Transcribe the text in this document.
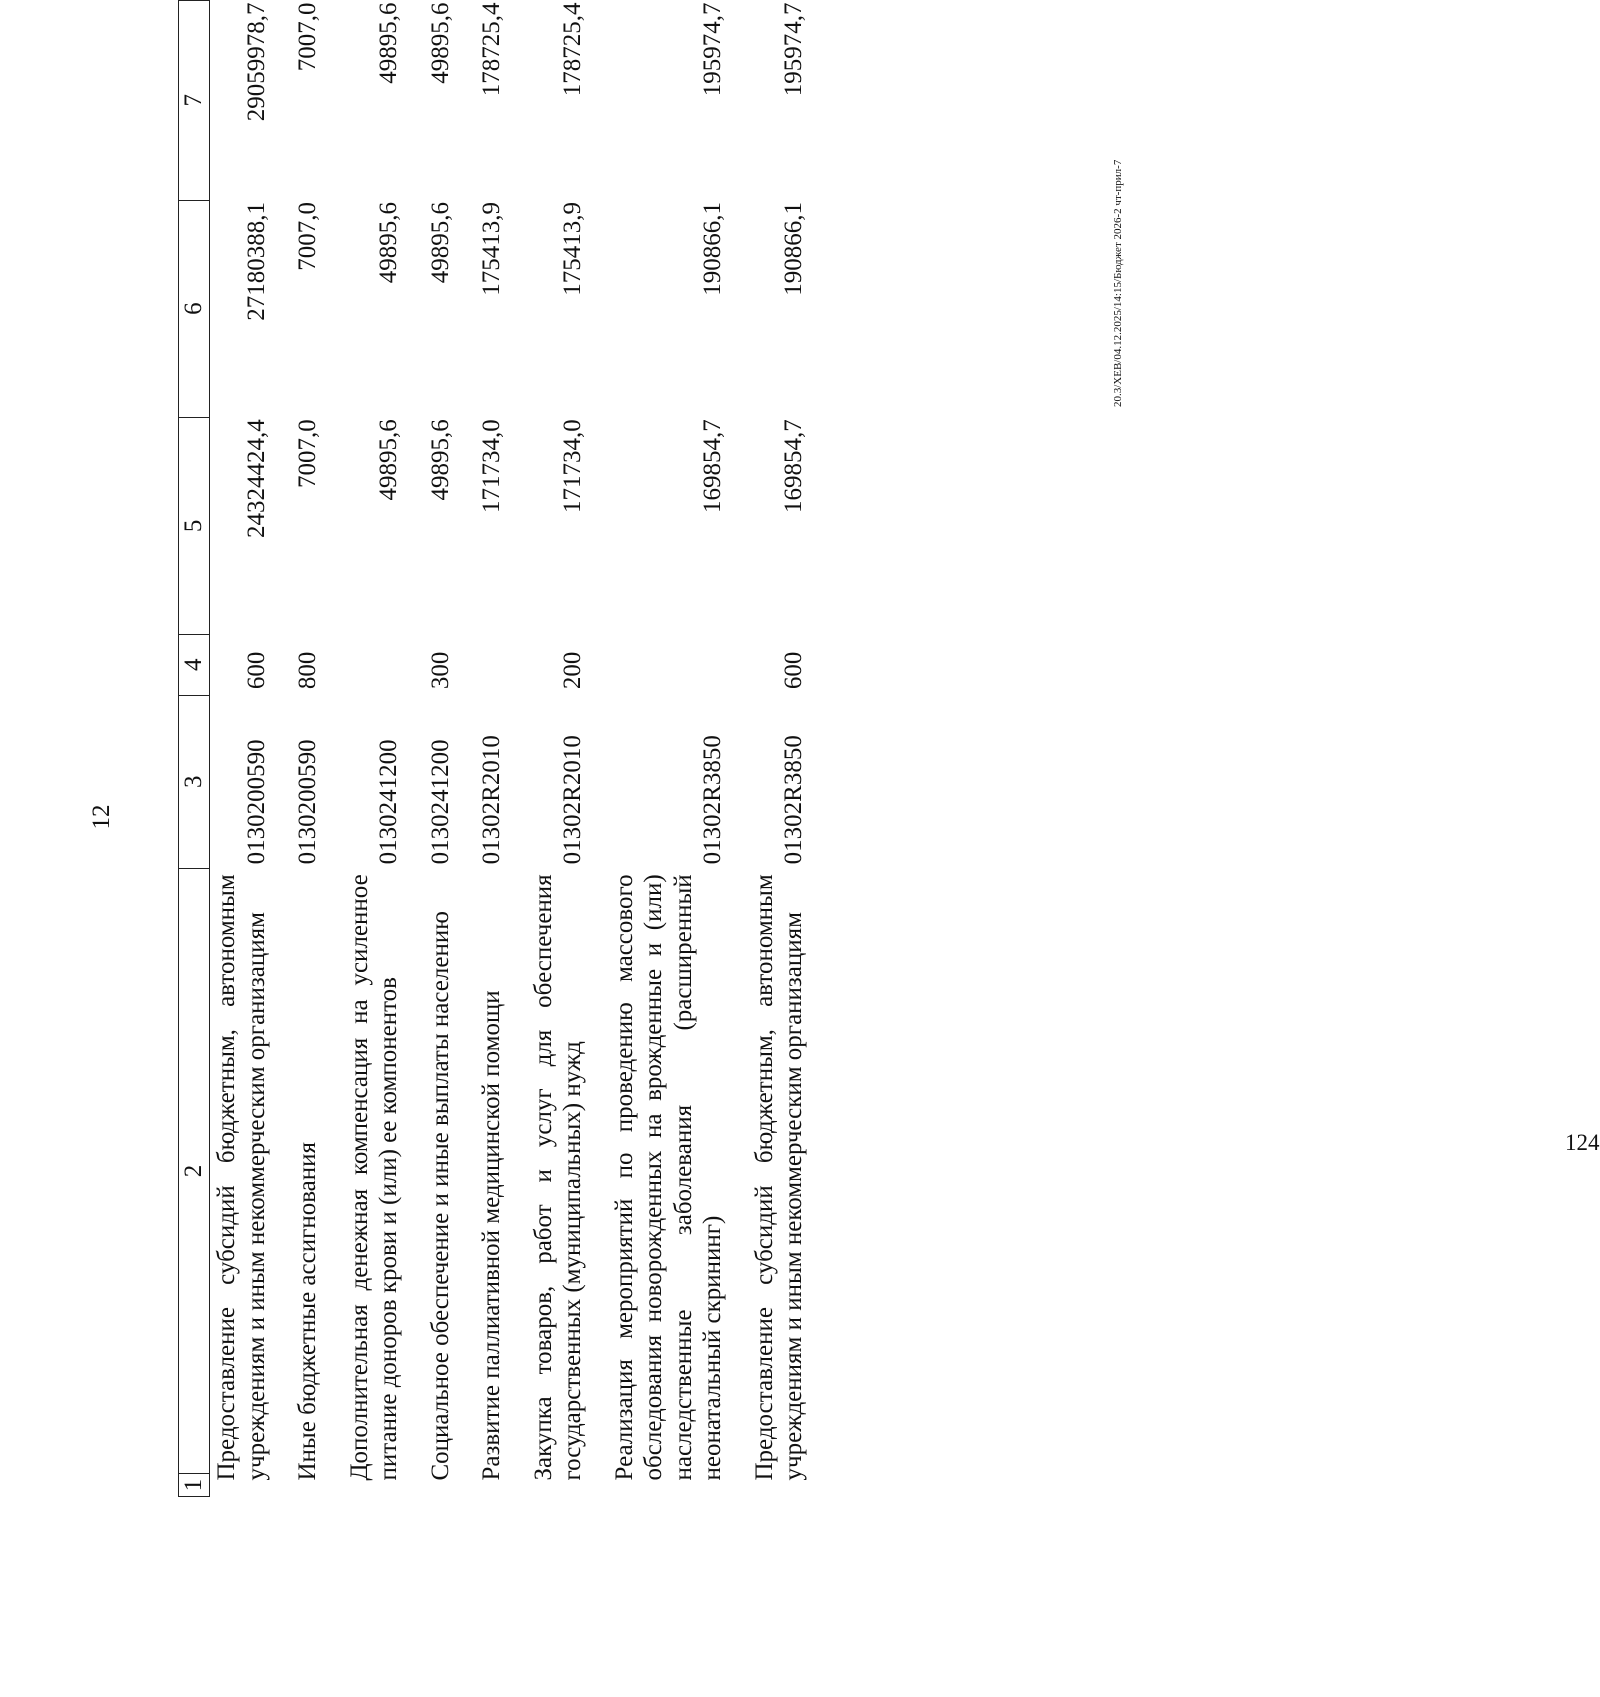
12
1	2	3	4	5	6	7
Предоставление субсидий бюджетным, автономным учреждениям и иным некоммерческим организациям		0130200590	600	24324424,4	27180388,1	29059978,7
Иные бюджетные ассигнования		0130200590	800	7007,0	7007,0	7007,0
Дополнительная денежная компенсация на усиленное питание доноров крови и (или) ее компонентов		0130241200		49895,6	49895,6	49895,6
Социальное обеспечение и иные выплаты населению		0130241200	300	49895,6	49895,6	49895,6
Развитие паллиативной медицинской помощи		01302R2010		171734,0	175413,9	178725,4
Закупка товаров, работ и услуг для обеспечения государственных (муниципальных) нужд		01302R2010	200	171734,0	175413,9	178725,4
Реализация мероприятий по проведению массового обследования новорожденных на врожденные и (или) наследственные заболевания (расширенный неонатальный скрининг)		01302R3850		169854,7	190866,1	195974,7
Предоставление субсидий бюджетным, автономным учреждениям и иным некоммерческим организациям		01302R3850	600	169854,7	190866,1	195974,7
20.3/ХЕВ/04.12.2025/14:15/Бюджет 2026-2 чт-прил-7
124
